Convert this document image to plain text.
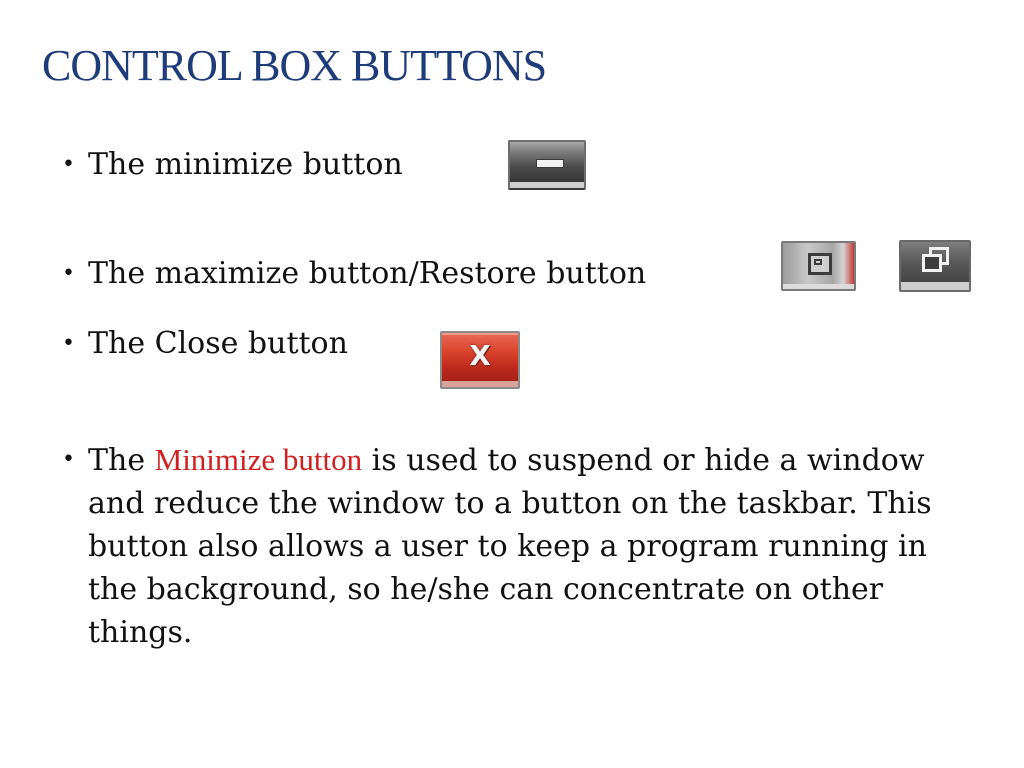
CONTROL BOX BUTTONS
• The minimize button
• The maximize button/Restore button
• The Close button	X
• The Minimize button is used to suspend or hide a window and reduce the window to a button on the taskbar. This button also allows a user to keep a program running in the background, so he/she can concentrate on other things.
